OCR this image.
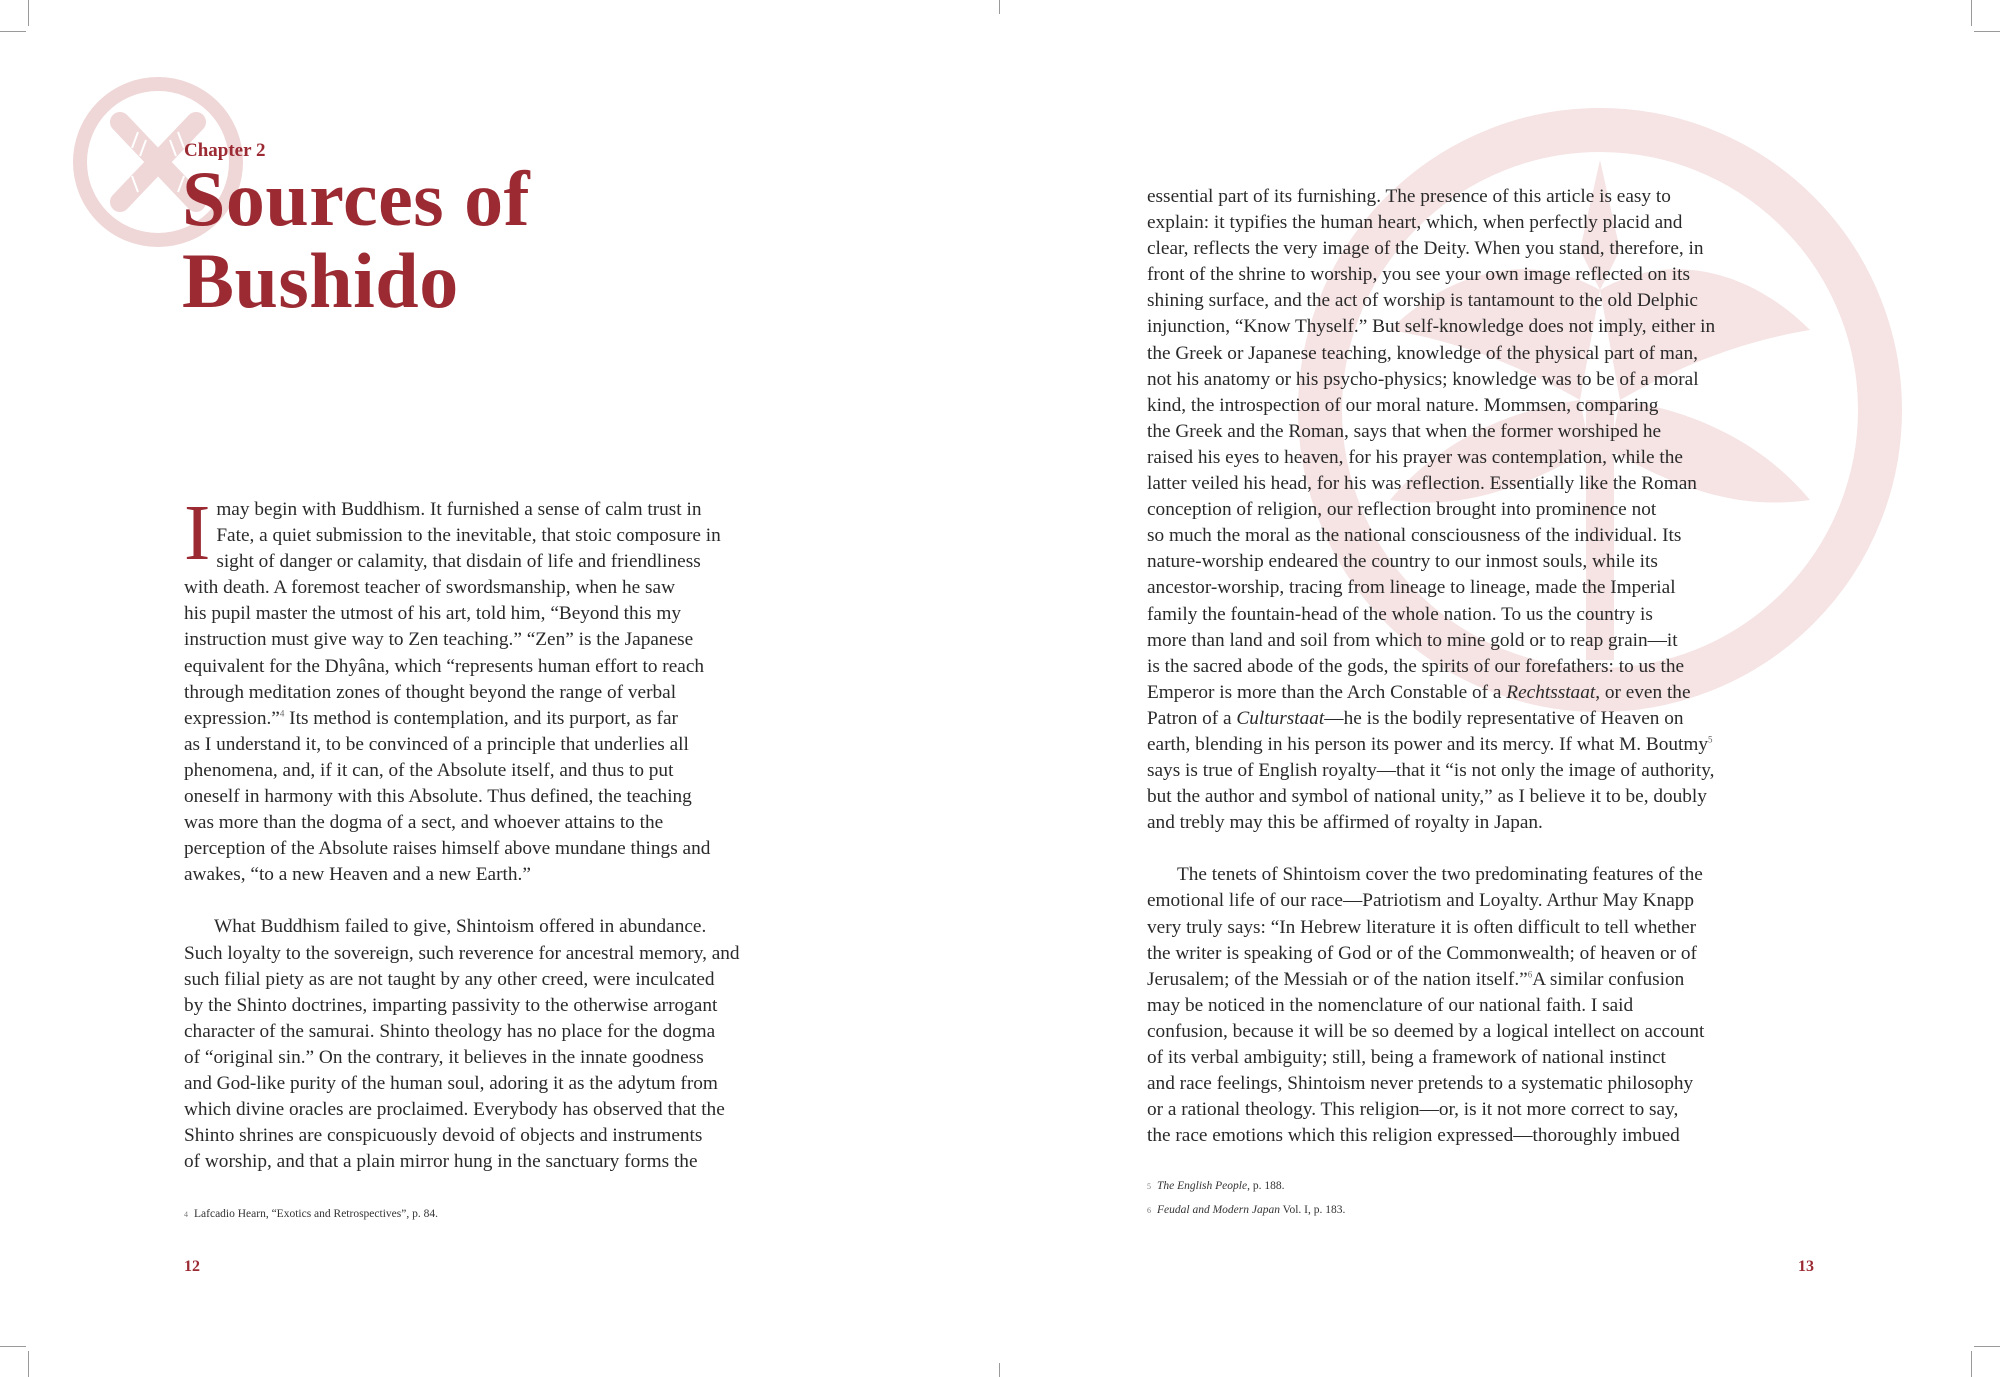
Chapter 2
Sources of
Bushido
I may begin with Buddhism. It furnished a sense of calm trust in
Fate, a quiet submission to the inevitable, that stoic composure in
sight of danger or calamity, that disdain of life and friendliness
with death. A foremost teacher of swordsmanship, when he saw
his pupil master the utmost of his art, told him, “Beyond this my
instruction must give way to Zen teaching.” “Zen” is the Japanese
equivalent for the Dhyâna, which “represents human effort to reach
through meditation zones of thought beyond the range of verbal
expression.”$^4$ Its method is contemplation, and its purport, as far
as I understand it, to be convinced of a principle that underlies all
phenomena, and, if it can, of the Absolute itself, and thus to put
oneself in harmony with this Absolute. Thus defined, the teaching
was more than the dogma of a sect, and whoever attains to the
perception of the Absolute raises himself above mundane things and
awakes, “to a new Heaven and a new Earth.”
What Buddhism failed to give, Shintoism offered in abundance.
Such loyalty to the sovereign, such reverence for ancestral memory, and
such filial piety as are not taught by any other creed, were inculcated
by the Shinto doctrines, imparting passivity to the otherwise arrogant
character of the samurai. Shinto theology has no place for the dogma
of “original sin.” On the contrary, it believes in the innate goodness
and God-like purity of the human soul, adoring it as the adytum from
which divine oracles are proclaimed. Everybody has observed that the
Shinto shrines are conspicuously devoid of objects and instruments
of worship, and that a plain mirror hung in the sanctuary forms the
4 Lafcadio Hearn, “Exotics and Retrospectives”, p. 84.
12
essential part of its furnishing. The presence of this article is easy to
explain: it typifies the human heart, which, when perfectly placid and
clear, reflects the very image of the Deity. When you stand, therefore, in
front of the shrine to worship, you see your own image reflected on its
shining surface, and the act of worship is tantamount to the old Delphic
injunction, “Know Thyself.” But self-knowledge does not imply, either in
the Greek or Japanese teaching, knowledge of the physical part of man,
not his anatomy or his psycho-physics; knowledge was to be of a moral
kind, the introspection of our moral nature. Mommsen, comparing
the Greek and the Roman, says that when the former worshiped he
raised his eyes to heaven, for his prayer was contemplation, while the
latter veiled his head, for his was reflection. Essentially like the Roman
conception of religion, our reflection brought into prominence not
so much the moral as the national consciousness of the individual. Its
nature-worship endeared the country to our inmost souls, while its
ancestor-worship, tracing from lineage to lineage, made the Imperial
family the fountain-head of the whole nation. To us the country is
more than land and soil from which to mine gold or to reap grain—it
is the sacred abode of the gods, the spirits of our forefathers: to us the
Emperor is more than the Arch Constable of a Rechtsstaat, or even the
Patron of a Culturstaat—he is the bodily representative of Heaven on
earth, blending in his person its power and its mercy. If what M. Boutmy$^5$
says is true of English royalty—that it “is not only the image of authority,
but the author and symbol of national unity,” as I believe it to be, doubly
and trebly may this be affirmed of royalty in Japan.
The tenets of Shintoism cover the two predominating features of the
emotional life of our race—Patriotism and Loyalty. Arthur May Knapp
very truly says: “In Hebrew literature it is often difficult to tell whether
the writer is speaking of God or of the Commonwealth; of heaven or of
Jerusalem; of the Messiah or of the nation itself.”$^6$A similar confusion
may be noticed in the nomenclature of our national faith. I said
confusion, because it will be so deemed by a logical intellect on account
of its verbal ambiguity; still, being a framework of national instinct
and race feelings, Shintoism never pretends to a systematic philosophy
or a rational theology. This religion—or, is it not more correct to say,
the race emotions which this religion expressed—thoroughly imbued
5 The English People, p. 188.
6 Feudal and Modern Japan Vol. I, p. 183.
13
